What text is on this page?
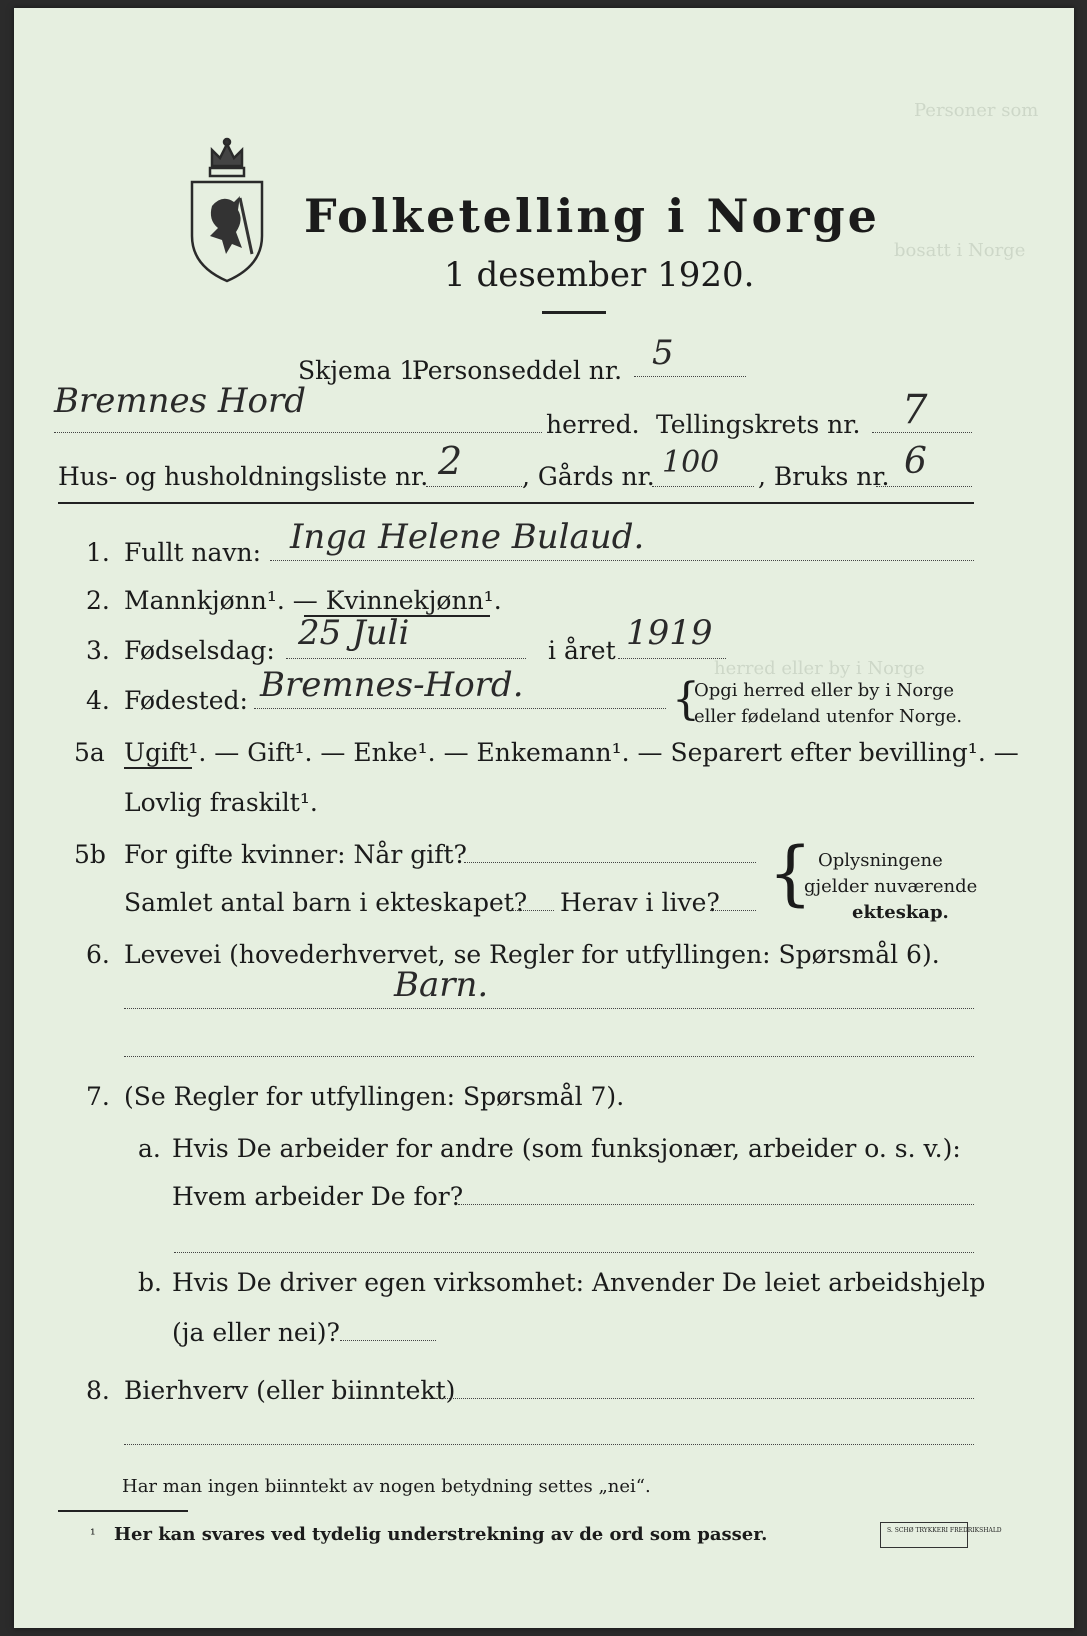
Personer som
bosatt i Norge
herred eller by i Norge
Folketelling i Norge
1 desember 1920.
Skjema 1.
Personseddel nr. 5
Bremnes Hord
herred. Tellingskrets nr. 7
Hus- og husholdningsliste nr. 2 , Gårds nr. 100 , Bruks nr. 6
1. Fullt navn: Inga Helene Bulaud.
2. Mannkjønn¹. — Kvinnekjønn¹.
3. Fødselsdag: 25 Juli	i året 1919
4. Fødested: Bremnes-Hord.	{
Opgi herred eller by i Norge
eller fødeland utenfor Norge.
5a Ugift¹. — Gift¹. — Enke¹. — Enkemann¹. — Separert efter bevilling¹. —
Lovlig fraskilt¹.
5b For gifte kvinner: Når gift?
Samlet antal barn i ekteskapet? Herav i live? { Oplysningene
gjelder nuværende
ekteskap.
6. Levevei (hovederhvervet, se Regler for utfyllingen: Spørsmål 6).
Barn.
7. (Se Regler for utfyllingen: Spørsmål 7).
a. Hvis De arbeider for andre (som funksjonær, arbeider o. s. v.):
Hvem arbeider De for?
b. Hvis De driver egen virksomhet: Anvender De leiet arbeidshjelp
(ja eller nei)?
8. Bierhverv (eller biinntekt)
Har man ingen biinntekt av nogen betydning settes „nei“.
¹ Her kan svares ved tydelig understrekning av de ord som passer.	S. SCHØ TRYKKERI FREDRIKSHALD
